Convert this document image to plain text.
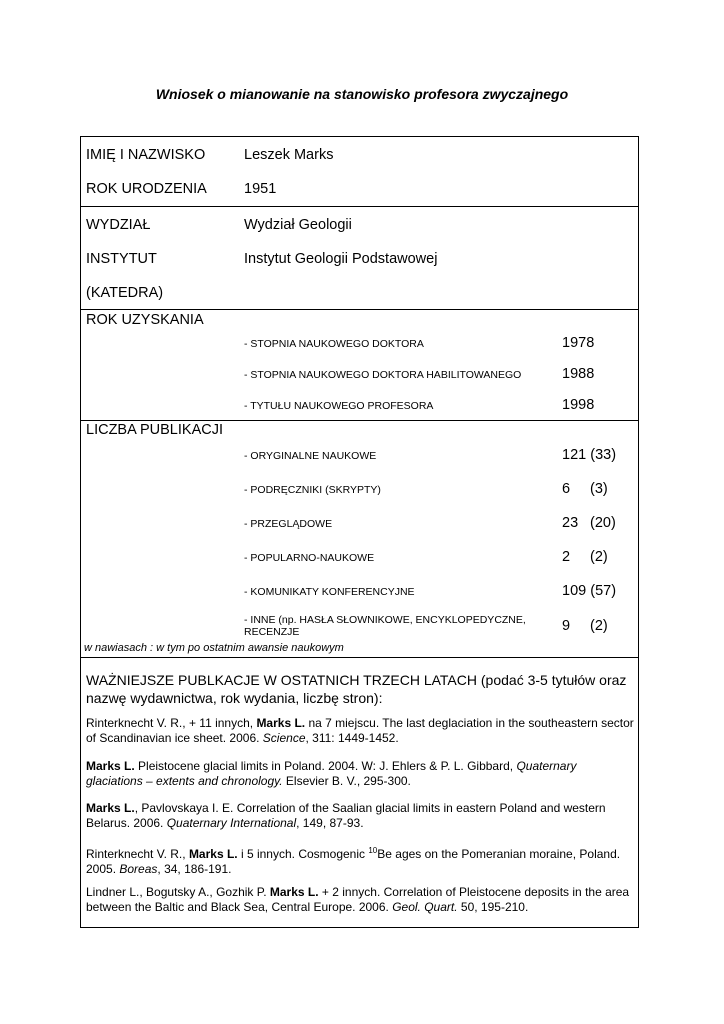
Wniosek o mianowanie na stanowisko profesora zwyczajnego
IMIĘ I NAZWISKO	Leszek Marks
ROK URODZENIA	1951
WYDZIAŁ	Wydział Geologii
INSTYTUT	Instytut Geologii Podstawowej
(KATEDRA)
ROK UZYSKANIA
- STOPNIA NAUKOWEGO DOKTORA	1978
- STOPNIA NAUKOWEGO DOKTORA HABILITOWANEGO	1988
- TYTUŁU NAUKOWEGO PROFESORA	1998
LICZBA PUBLIKACJI
- ORYGINALNE NAUKOWE	121 (33)
- PODRĘCZNIKI (SKRYPTY)	6 (3)
- PRZEGLĄDOWE	23 (20)
- POPULARNO-NAUKOWE	2 (2)
- KOMUNIKATY KONFERENCYJNE	109 (57)
- INNE (np. HASŁA SŁOWNIKOWE, ENCYKLOPEDYCZNE,
RECENZJE	9 (2)
w nawiasach : w tym po ostatnim awansie naukowym
WAŻNIEJSZE PUBLKACJE W OSTATNICH TRZECH LATACH (podać 3-5 tytułów oraz nazwę wydawnictwa, rok wydania, liczbę stron):
Rinterknecht V. R., + 11 innych, Marks L. na 7 miejscu. The last deglaciation in the southeastern sector of Scandinavian ice sheet. 2006. Science, 311: 1449-1452.
Marks L. Pleistocene glacial limits in Poland. 2004. W: J. Ehlers & P. L. Gibbard, Quaternary glaciations – extents and chronology. Elsevier B. V., 295-300.
Marks L., Pavlovskaya I. E. Correlation of the Saalian glacial limits in eastern Poland and western Belarus. 2006. Quaternary International, 149, 87-93.
Rinterknecht V. R., Marks L. i 5 innych. Cosmogenic $^{10}$Be ages on the Pomeranian moraine, Poland. 2005. Boreas, 34, 186-191.
Lindner L., Bogutsky A., Gozhik P. Marks L. + 2 innych. Correlation of Pleistocene deposits in the area between the Baltic and Black Sea, Central Europe. 2006. Geol. Quart. 50, 195-210.
